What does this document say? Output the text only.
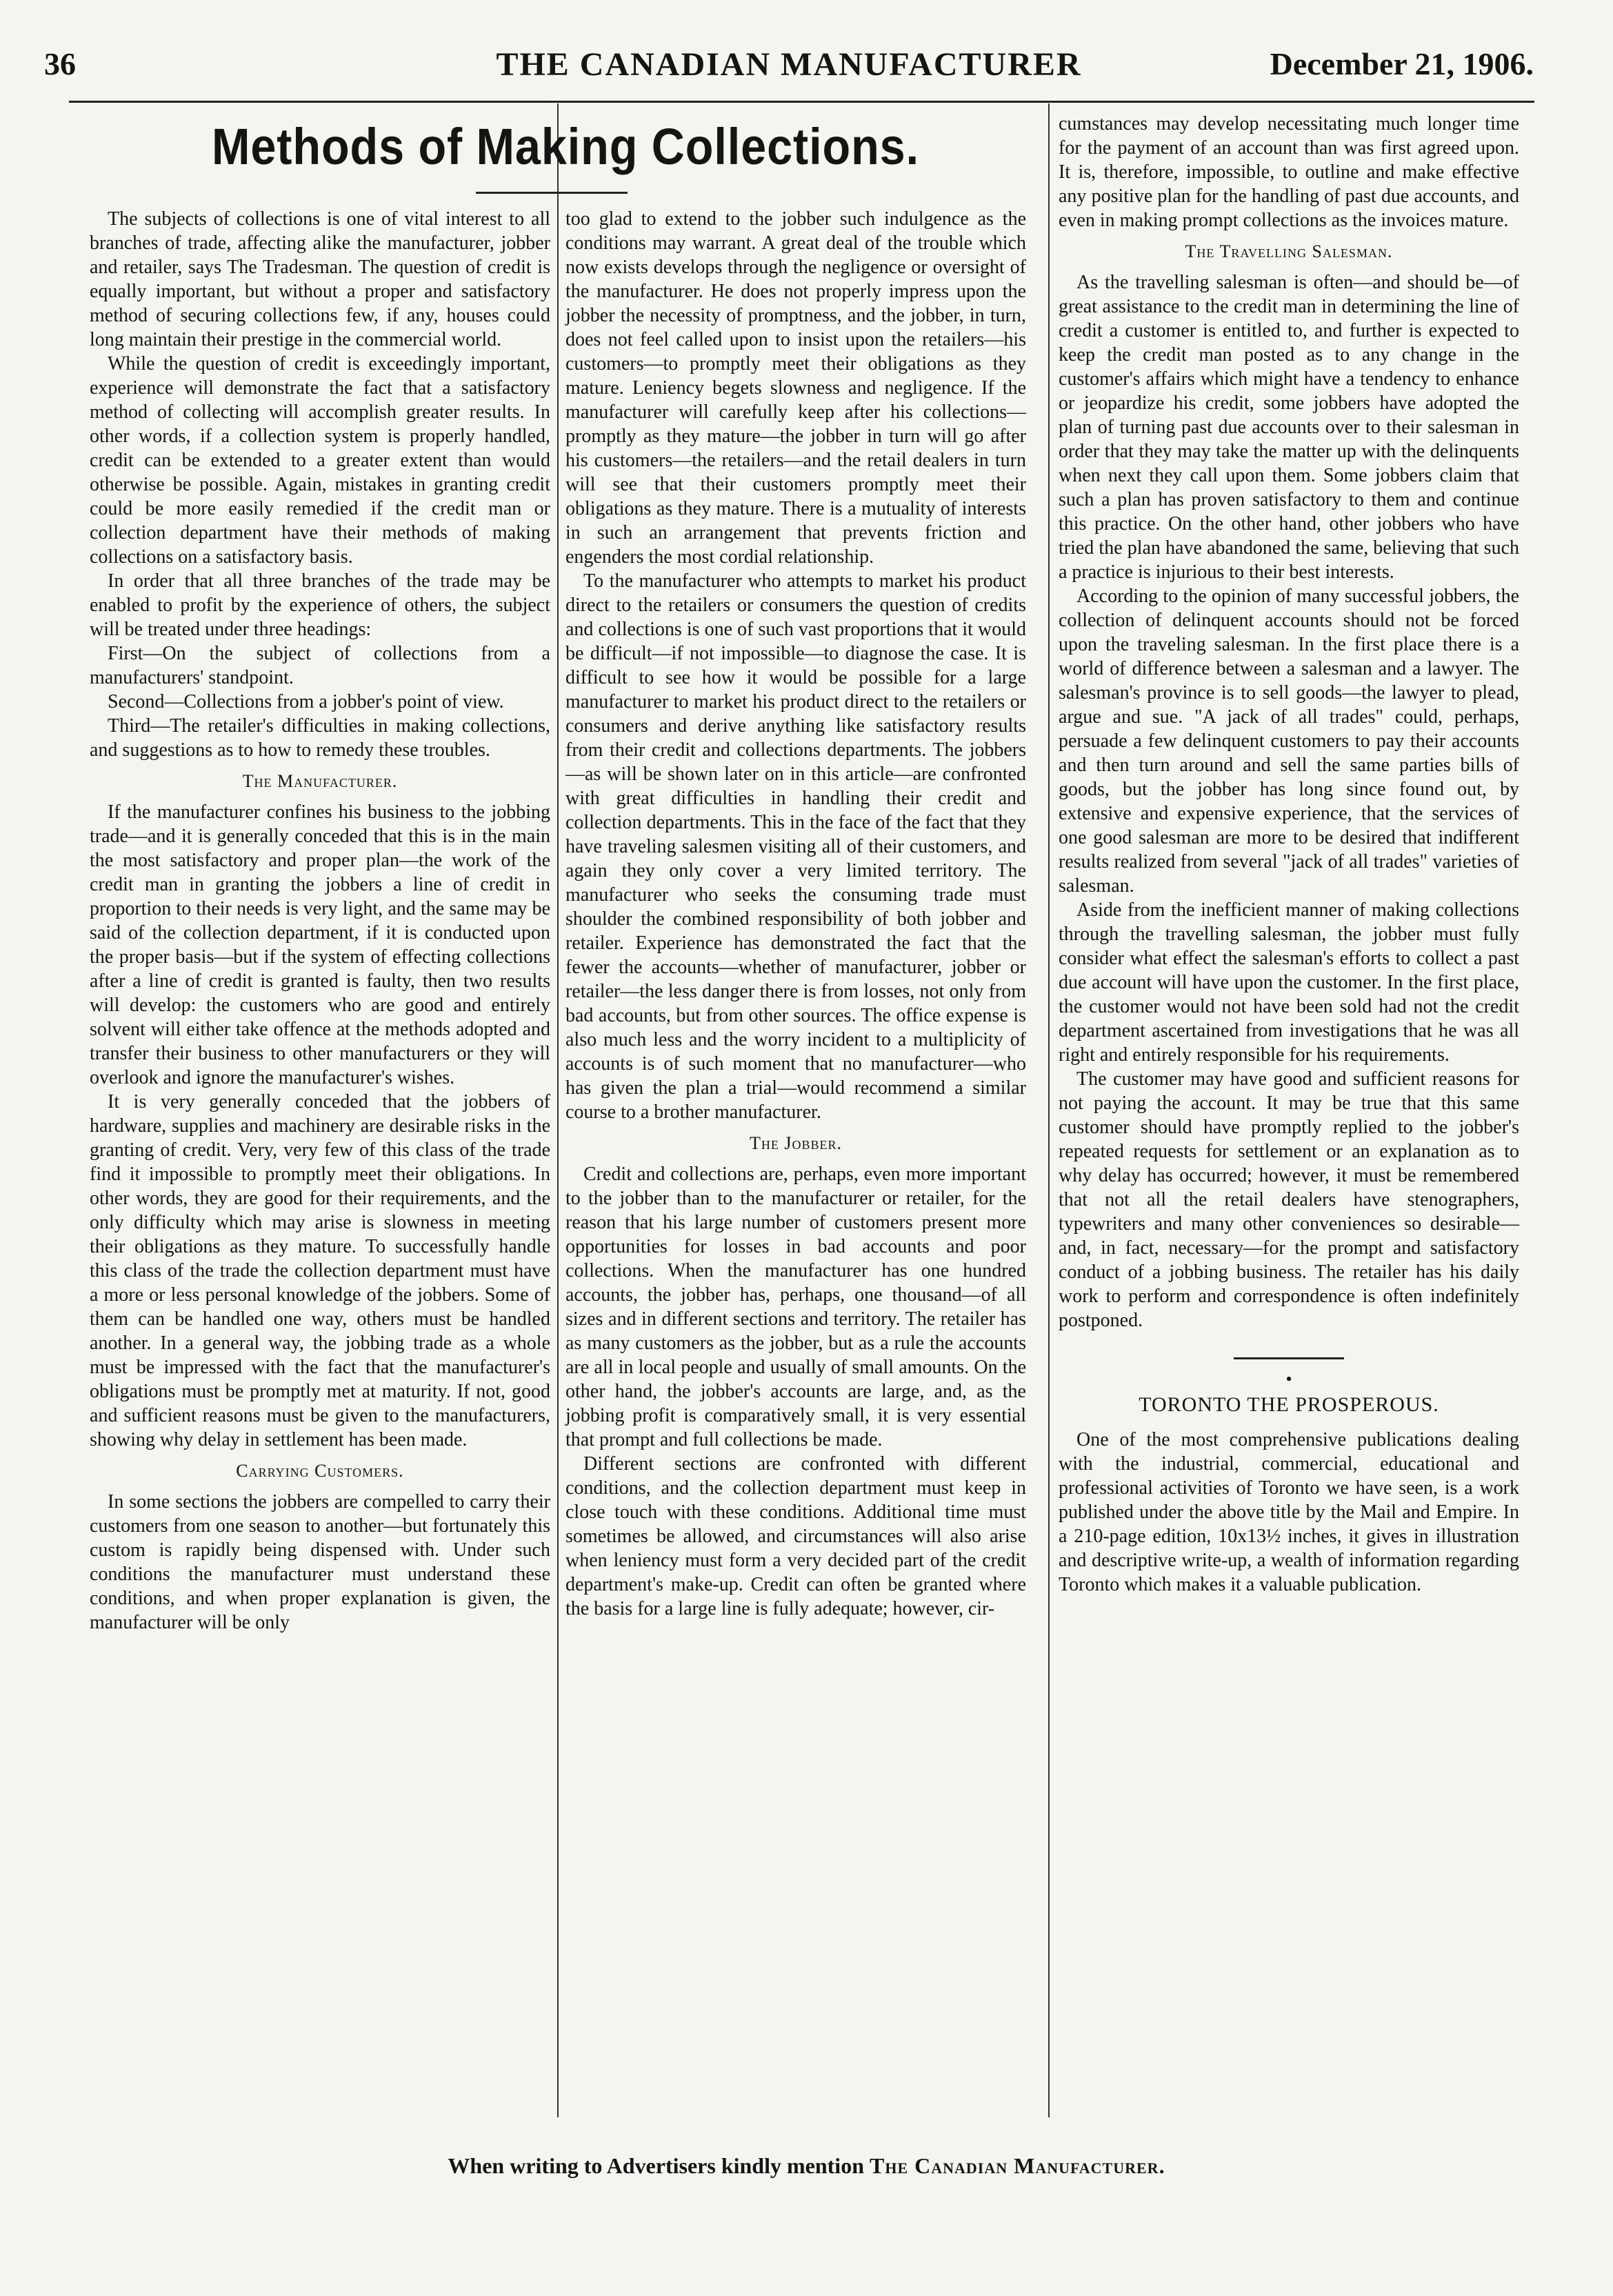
36	THE CANADIAN MANUFACTURER	December 21, 1906.
Methods of Making Collections.

The subjects of collections is one of vital interest to all branches of trade, affecting alike the manufacturer, jobber and retailer, says The Tradesman. The question of credit is equally important, but without a proper and satisfactory method of securing collections few, if any, houses could long maintain their prestige in the commercial world.

While the question of credit is exceedingly important, experience will demonstrate the fact that a satisfactory method of collecting will accomplish greater results. In other words, if a collection system is properly handled, credit can be extended to a greater extent than would otherwise be possible. Again, mistakes in granting credit could be more easily remedied if the credit man or collection department have their methods of making collections on a satisfactory basis.

In order that all three branches of the trade may be enabled to profit by the experience of others, the subject will be treated under three headings:

First—On the subject of collections from a manufacturers' standpoint.

Second—Collections from a jobber's point of view.

Third—The retailer's difficulties in making collections, and suggestions as to how to remedy these troubles.

The Manufacturer.

If the manufacturer confines his business to the jobbing trade—and it is generally conceded that this is in the main the most satisfactory and proper plan—the work of the credit man in granting the jobbers a line of credit in proportion to their needs is very light, and the same may be said of the collection department, if it is conducted upon the proper basis—but if the system of effecting collections after a line of credit is granted is faulty, then two results will develop: the customers who are good and entirely solvent will either take offence at the methods adopted and transfer their business to other manufacturers or they will overlook and ignore the manufacturer's wishes.

It is very generally conceded that the jobbers of hardware, supplies and machinery are desirable risks in the granting of credit. Very, very few of this class of the trade find it impossible to promptly meet their obligations. In other words, they are good for their requirements, and the only difficulty which may arise is slowness in meeting their obligations as they mature. To successfully handle this class of the trade the collection department must have a more or less personal knowledge of the jobbers. Some of them can be handled one way, others must be handled another. In a general way, the jobbing trade as a whole must be impressed with the fact that the manufacturer's obligations must be promptly met at maturity. If not, good and sufficient reasons must be given to the manufacturers, showing why delay in settlement has been made.

Carrying Customers.

In some sections the jobbers are compelled to carry their customers from one season to another—but fortunately this custom is rapidly being dispensed with. Under such conditions the manufacturer must understand these conditions, and when proper explanation is given, the manufacturer will be only

too glad to extend to the jobber such indulgence as the conditions may warrant. A great deal of the trouble which now exists develops through the negligence or oversight of the manufacturer. He does not properly impress upon the jobber the necessity of promptness, and the jobber, in turn, does not feel called upon to insist upon the retailers—his customers—to promptly meet their obligations as they mature. Leniency begets slowness and negligence. If the manufacturer will carefully keep after his collections—promptly as they mature—the jobber in turn will go after his customers—the retailers—and the retail dealers in turn will see that their customers promptly meet their obligations as they mature. There is a mutuality of interests in such an arrangement that prevents friction and engenders the most cordial relationship.

To the manufacturer who attempts to market his product direct to the retailers or consumers the question of credits and collections is one of such vast proportions that it would be difficult—if not impossible—to diagnose the case. It is difficult to see how it would be possible for a large manufacturer to market his product direct to the retailers or consumers and derive anything like satisfactory results from their credit and collections departments. The jobbers—as will be shown later on in this article—are confronted with great difficulties in handling their credit and collection departments. This in the face of the fact that they have traveling salesmen visiting all of their customers, and again they only cover a very limited territory. The manufacturer who seeks the consuming trade must shoulder the combined responsibility of both jobber and retailer. Experience has demonstrated the fact that the fewer the accounts—whether of manufacturer, jobber or retailer—the less danger there is from losses, not only from bad accounts, but from other sources. The office expense is also much less and the worry incident to a multiplicity of accounts is of such moment that no manufacturer—who has given the plan a trial—would recommend a similar course to a brother manufacturer.

The Jobber.

Credit and collections are, perhaps, even more important to the jobber than to the manufacturer or retailer, for the reason that his large number of customers present more opportunities for losses in bad accounts and poor collections. When the manufacturer has one hundred accounts, the jobber has, perhaps, one thousand—of all sizes and in different sections and territory. The retailer has as many customers as the jobber, but as a rule the accounts are all in local people and usually of small amounts. On the other hand, the jobber's accounts are large, and, as the jobbing profit is comparatively small, it is very essential that prompt and full collections be made.

Different sections are confronted with different conditions, and the collection department must keep in close touch with these conditions. Additional time must sometimes be allowed, and circumstances will also arise when leniency must form a very decided part of the credit department's make-up. Credit can often be granted where the basis for a large line is fully adequate; however, cir-

cumstances may develop necessitating much longer time for the payment of an account than was first agreed upon. It is, therefore, impossible, to outline and make effective any positive plan for the handling of past due accounts, and even in making prompt collections as the invoices mature.

The Travelling Salesman.

As the travelling salesman is often—and should be—of great assistance to the credit man in determining the line of credit a customer is entitled to, and further is expected to keep the credit man posted as to any change in the customer's affairs which might have a tendency to enhance or jeopardize his credit, some jobbers have adopted the plan of turning past due accounts over to their salesman in order that they may take the matter up with the delinquents when next they call upon them. Some jobbers claim that such a plan has proven satisfactory to them and continue this practice. On the other hand, other jobbers who have tried the plan have abandoned the same, believing that such a practice is injurious to their best interests.

According to the opinion of many successful jobbers, the collection of delinquent accounts should not be forced upon the traveling salesman. In the first place there is a world of difference between a salesman and a lawyer. The salesman's province is to sell goods—the lawyer to plead, argue and sue. "A jack of all trades" could, perhaps, persuade a few delinquent customers to pay their accounts and then turn around and sell the same parties bills of goods, but the jobber has long since found out, by extensive and expensive experience, that the services of one good salesman are more to be desired that indifferent results realized from several "jack of all trades" varieties of salesman.

Aside from the inefficient manner of making collections through the travelling salesman, the jobber must fully consider what effect the salesman's efforts to collect a past due account will have upon the customer. In the first place, the customer would not have been sold had not the credit department ascertained from investigations that he was all right and entirely responsible for his requirements.

The customer may have good and sufficient reasons for not paying the account. It may be true that this same customer should have promptly replied to the jobber's repeated requests for settlement or an explanation as to why delay has occurred; however, it must be remembered that not all the retail dealers have stenographers, typewriters and many other conveniences so desirable—and, in fact, necessary—for the prompt and satisfactory conduct of a jobbing business. The retailer has his daily work to perform and correspondence is often indefinitely postponed.

•
TORONTO THE PROSPEROUS.

One of the most comprehensive publications dealing with the industrial, commercial, educational and professional activities of Toronto we have seen, is a work published under the above title by the Mail and Empire. In a 210-page edition, 10x13½ inches, it gives in illustration and descriptive write-up, a wealth of information regarding Toronto which makes it a valuable publication.

When writing to Advertisers kindly mention The Canadian Manufacturer.
